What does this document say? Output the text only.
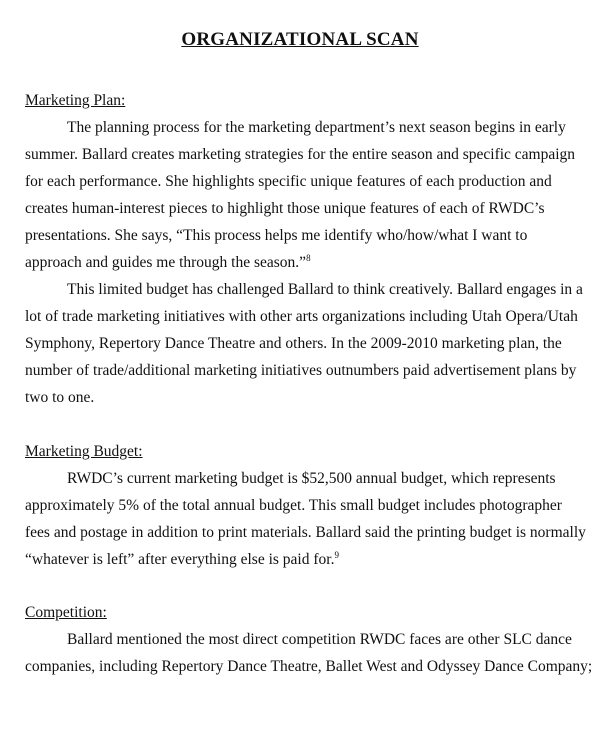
ORGANIZATIONAL SCAN
Marketing Plan:
The planning process for the marketing department’s next season begins in early
summer. Ballard creates marketing strategies for the entire season and specific campaign
for each performance. She highlights specific unique features of each production and
creates human-interest pieces to highlight those unique features of each of RWDC’s
presentations. She says, “This process helps me identify who/how/what I want to
approach and guides me through the season.”$^8$
This limited budget has challenged Ballard to think creatively. Ballard engages in a
lot of trade marketing initiatives with other arts organizations including Utah Opera/Utah
Symphony, Repertory Dance Theatre and others. In the 2009-2010 marketing plan, the
number of trade/additional marketing initiatives outnumbers paid advertisement plans by
two to one.
Marketing Budget:
RWDC’s current marketing budget is $52,500 annual budget, which represents
approximately 5% of the total annual budget. This small budget includes photographer
fees and postage in addition to print materials. Ballard said the printing budget is normally
“whatever is left” after everything else is paid for.$^9$
Competition:
Ballard mentioned the most direct competition RWDC faces are other SLC dance
companies, including Repertory Dance Theatre, Ballet West and Odyssey Dance Company;
